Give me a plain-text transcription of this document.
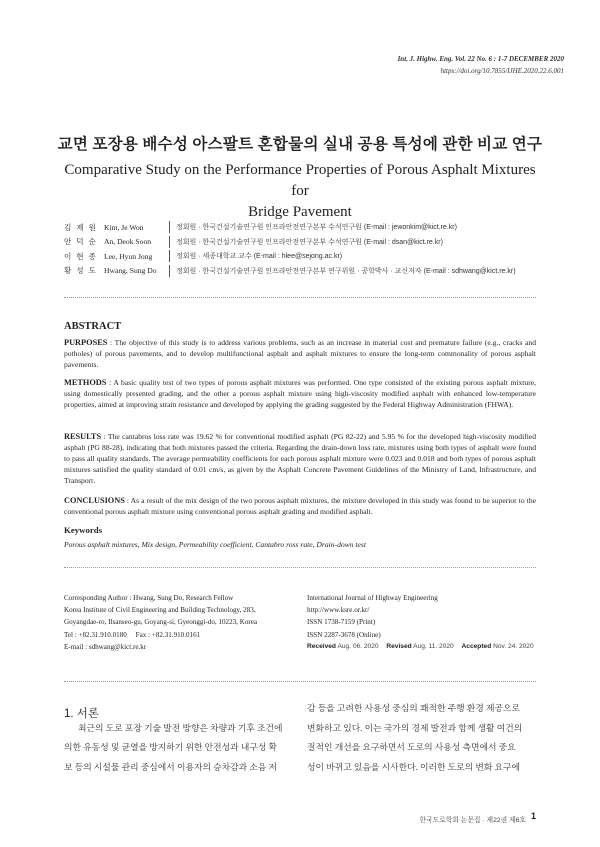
Int. J. Highw. Eng. Vol. 22 No. 6 : 1-7 DECEMBER 2020
https://doi.org/10.7855/IJHE.2020.22.6.001
교면 포장용 배수성 아스팔트 혼합물의 실내 공용 특성에 관한 비교 연구
Comparative Study on the Performance Properties of Porous Asphalt Mixtures for
Bridge Pavement
김 제 원 Kim, Je Won	정회원 · 한국건설기술연구원 인프라안전연구본부 수석연구원 (E-mail : jewonkim@kict.re.kr)
안 덕 순 An, Deok Soon	정회원 · 한국건설기술연구원 인프라안전연구본부 수석연구원 (E-mail : dsan@kict.re.kr)
이 현 종 Lee, Hyun Jong	정회원 · 세종대학교 교수 (E-mail : hlee@sejong.ac.kr)
황 성 도 Hwang, Sung Do	정회원 · 한국건설기술연구원 인프라안전연구본부 연구위원 · 공학박사 · 교신저자 (E-mail : sdhwang@kict.re.kr)
ABSTRACT
PURPOSES : The objective of this study is to address various problems, such as an increase in material cost and premature failure (e.g., cracks and potholes) of porous pavements, and to develop multifunctional asphalt and asphalt mixtures to ensure the long-term commonality of porous asphalt pavements.
METHODS : A basic quality test of two types of porous asphalt mixtures was performed. One type consisted of the existing porous asphalt mixture, using domestically presented grading, and the other a porous asphalt mixture using high-viscosity modified asphalt with enhanced low-temperature properties, aimed at improving strain resistance and developed by applying the grading suggested by the Federal Highway Administration (FHWA).
RESULTS : The cantabros loss rate was 19.62 % for conventional modified asphalt (PG 82-22) and 5.95 % for the developed high-viscosity modified asphalt (PG 88-28), indicating that both mixtures passed the criteria. Regarding the drain-down loss rate, mixtures using both types of asphalt were found to pass all quality standards. The average permeability coefficients for each porous asphalt mixture were 0.023 and 0.018 and both types of porous asphalt mixtures satisfied the quality standard of 0.01 cm/s, as given by the Asphalt Concrete Pavement Guidelines of the Ministry of Land, Infrastructure, and Transport.
CONCLUSIONS : As a result of the mix design of the two porous asphalt mixtures, the mixture developed in this study was found to be superior to the conventional porous asphalt mixture using conventional porous asphalt grading and modified asphalt.
Keywords
Porous asphalt mixtures, Mix design, Permeability coefficient, Cantabro ross rate, Drain-down test
Corresponding Author : Hwang, Sung Do, Research Fellow
Korea Institute of Civil Engineering and Building Technology, 283,
Goyangdae-ro, Ilsanseo-gu, Goyang-si, Gyeonggi-do, 10223, Korea
Tel : +82.31.910.0180     Fax : +82.31.910.0161
E-mail : sdhwang@kict.re.kr
International Journal of Highway Engineering
http://www.ksre.or.kr/
ISSN 1738-7159 (Print)
ISSN 2287-3678 (Online)
Received Aug. 06. 2020 Revised Aug. 11. 2020 Accepted Nov. 24. 2020
1. 서론
최근의 도로 포장 기술 발전 방향은 차량과 기후 조건에
의한 유동성 및 균열을 방지하기 위한 안전성과 내구성 확
보 등의 시설물 관리 중심에서 이용자의 승차감과 소음 저
감 등을 고려한 사용성 중심의 쾌적한 주행 환경 제공으로
변화하고 있다. 이는 국가의 경제 발전과 함께 생활 여건의
질적인 개선을 요구하면서 도로의 사용성 측면에서 중요
성이 바뀌고 있음을 시사한다. 이러한 도로의 변화 요구에
한국도로학회 논문집 · 제22권 제6호 1
